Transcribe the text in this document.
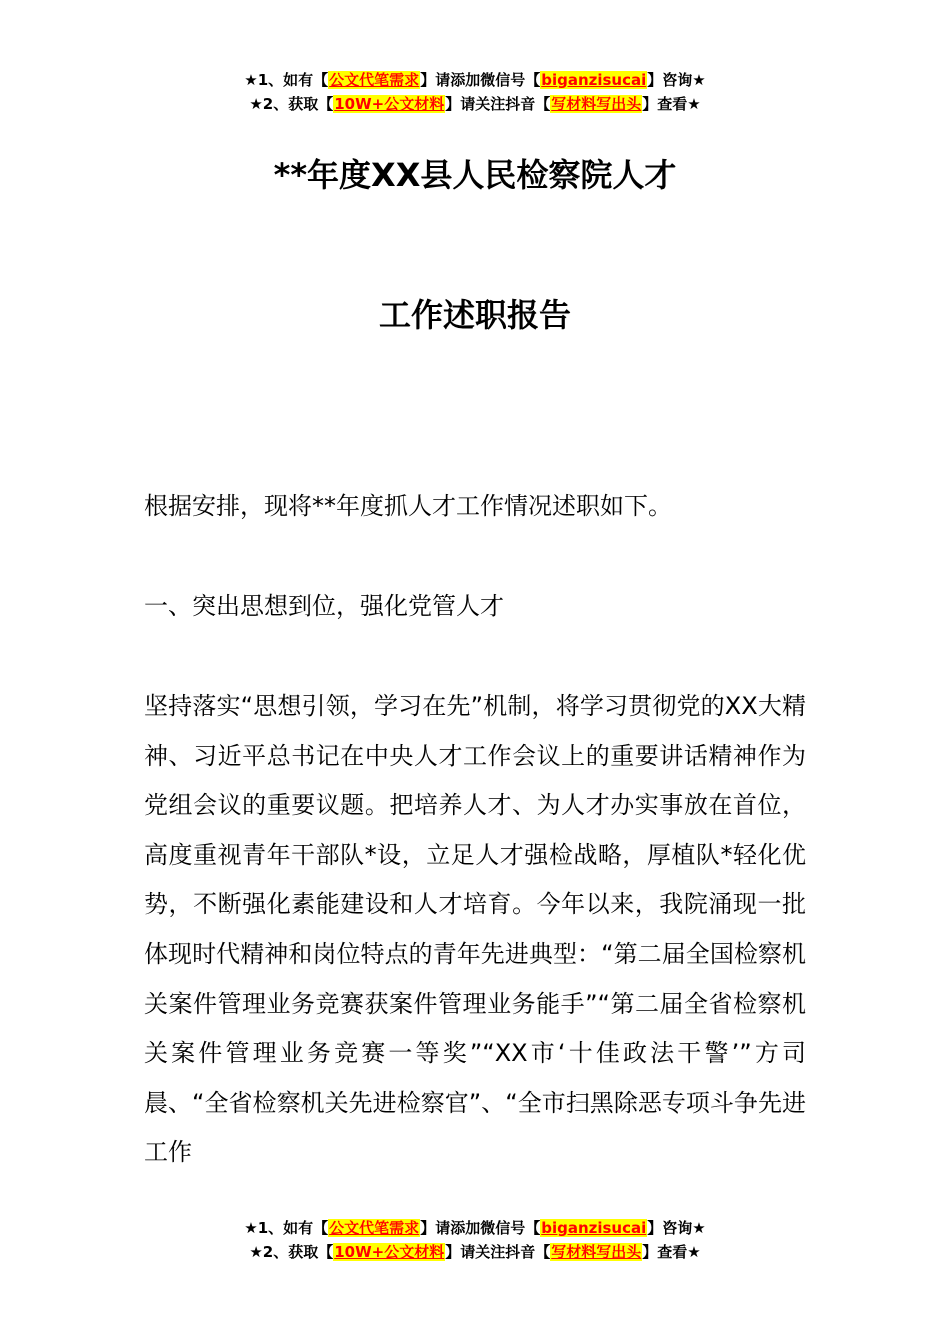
★1、如有【公文代笔需求】请添加微信号【biganzisucai】咨询★
★2、获取【10W+公文材料】请关注抖音【写材料写出头】查看★
**年度XX县人民检察院人才
工作述职报告

根据安排，现将**年度抓人才工作情况述职如下。

一、突出思想到位，强化党管人才

坚持落实“思想引领，学习在先”机制，将学习贯彻党的XX大精神、习近平总书记在中央人才工作会议上的重要讲话精神作为党组会议的重要议题。把培养人才、为人才办实事放在首位，高度重视青年干部队*设，立足人才强检战略，厚植队*轻化优势，不断强化素能建设和人才培育。今年以来，我院涌现一批体现时代精神和岗位特点的青年先进典型：“第二届全国检察机关案件管理业务竞赛获案件管理业务能手”“第二届全省检察机关案件管理业务竞赛一等奖”“XX市‘十佳政法干警’”方司晨、“全省检察机关先进检察官”、“全市扫黑除恶专项斗争先进工作

★1、如有【公文代笔需求】请添加微信号【biganzisucai】咨询★
★2、获取【10W+公文材料】请关注抖音【写材料写出头】查看★
